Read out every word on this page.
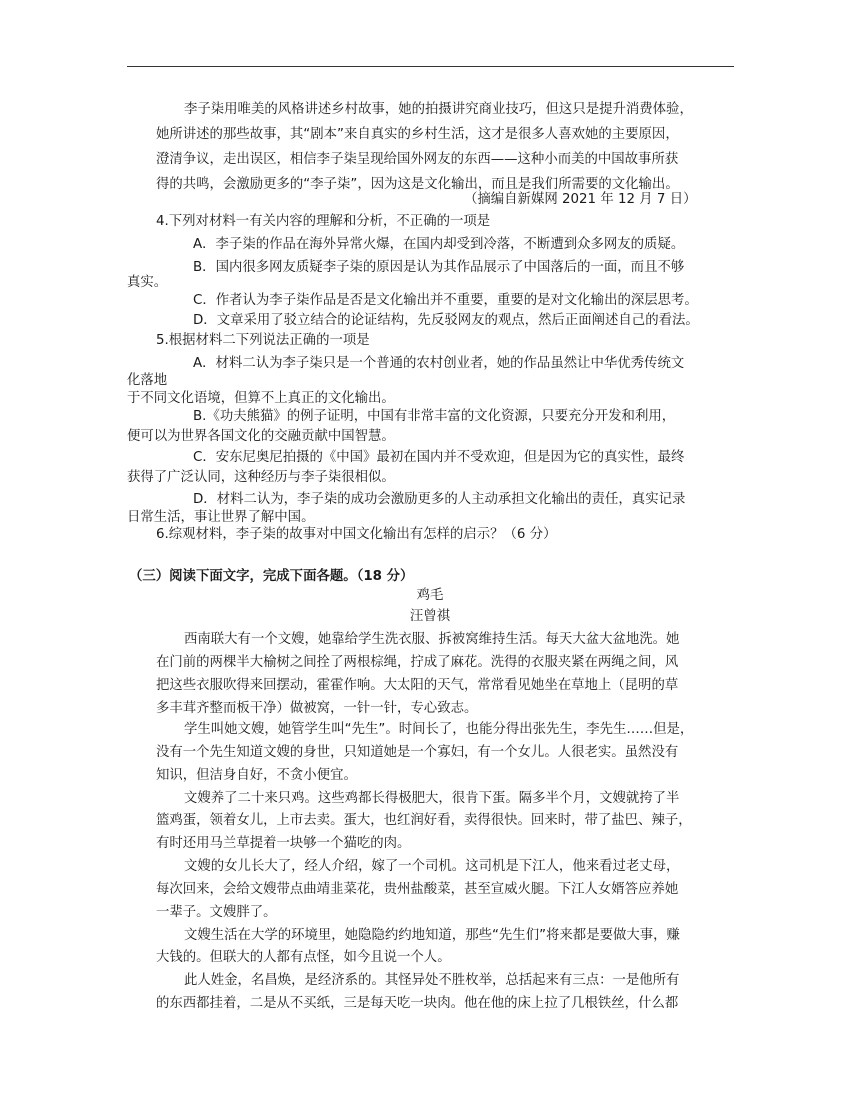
李子柒用唯美的风格讲述乡村故事，她的拍摄讲究商业技巧，但这只是提升消费体验，
她所讲述的那些故事，其“剧本”来自真实的乡村生活，这才是很多人喜欢她的主要原因，
澄清争议，走出误区，相信李子柒呈现给国外网友的东西——这种小而美的中国故事所获
得的共鸣，会激励更多的“李子柒”，因为这是文化输出，而且是我们所需要的文化输出。
（摘编自新媒网 2021 年 12 月 7 日）
4.下列对材料一有关内容的理解和分析，不正确的一项是
A．李子柒的作品在海外异常火爆，在国内却受到冷落，不断遭到众多网友的质疑。
B．国内很多网友质疑李子柒的原因是认为其作品展示了中国落后的一面，而且不够
真实。
C．作者认为李子柒作品是否是文化输出并不重要，重要的是对文化输出的深层思考。
D．文章采用了驳立结合的论证结构，先反驳网友的观点，然后正面阐述自己的看法。
5.根据材料二下列说法正确的一项是
A．材料二认为李子柒只是一个普通的农村创业者，她的作品虽然让中华优秀传统文
化落地
于不同文化语境，但算不上真正的文化输出。
B.《功夫熊猫》的例子证明，中国有非常丰富的文化资源，只要充分开发和利用，
便可以为世界各国文化的交融贡献中国智慧。
C．安东尼奥尼拍摄的《中国》最初在国内并不受欢迎，但是因为它的真实性，最终
获得了广泛认同，这种经历与李子柒很相似。
D．材料二认为，李子柒的成功会激励更多的人主动承担文化输出的责任，真实记录
日常生活，事让世界了解中国。
6.综观材料，李子柒的故事对中国文化输出有怎样的启示？（6 分）
（三）阅读下面文字，完成下面各题。（18 分）
鸡毛
汪曾祺
西南联大有一个文嫂，她靠给学生洗衣服、拆被窝维持生活。每天大盆大盆地洗。她
在门前的两棵半大榆树之间拴了两根棕绳，拧成了麻花。洗得的衣服夹紧在两绳之间，风
把这些衣服吹得来回摆动，霍霍作响。大太阳的天气，常常看见她坐在草地上（昆明的草
多丰茸齐整而板干净）做被窝，一针一针，专心致志。
学生叫她文嫂，她管学生叫“先生”。时间长了，也能分得出张先生，李先生……但是，
没有一个先生知道文嫂的身世，只知道她是一个寡妇，有一个女儿。人很老实。虽然没有
知识，但洁身自好，不贪小便宜。
文嫂养了二十来只鸡。这些鸡都长得极肥大，很肯下蛋。隔多半个月，文嫂就挎了半
篮鸡蛋，领着女儿，上市去卖。蛋大，也红润好看，卖得很快。回来时，带了盐巴、辣子，
有时还用马兰草提着一块够一个猫吃的肉。
文嫂的女儿长大了，经人介绍，嫁了一个司机。这司机是下江人，他来看过老丈母，
每次回来，会给文嫂带点曲靖韭菜花，贵州盐酸菜，甚至宣威火腿。下江人女婿答应养她
一辈子。文嫂胖了。
文嫂生活在大学的环境里，她隐隐约约地知道，那些“先生们”将来都是要做大事，赚
大钱的。但联大的人都有点怪，如今且说一个人。
此人姓金，名昌焕，是经济系的。其怪异处不胜枚举，总括起来有三点：一是他所有
的东西都挂着，二是从不买纸，三是每天吃一块肉。他在他的床上拉了几根铁丝，什么都
